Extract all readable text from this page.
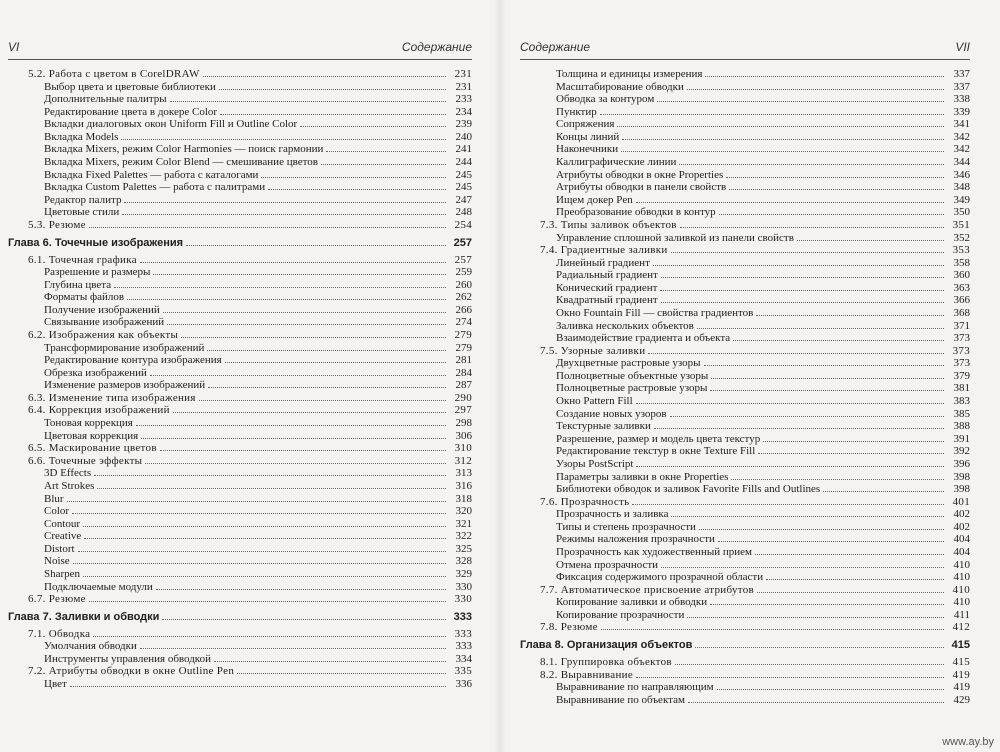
VI	Содержание
5.2. Работа с цветом в CorelDRAW	231
Выбор цвета и цветовые библиотеки	231
Дополнительные палитры	233
Редактирование цвета в докере Color	234
Вкладки диалоговых окон Uniform Fill и Outline Color	239
Вкладка Models	240
Вкладка Mixers, режим Color Harmonies — поиск гармонии	241
Вкладка Mixers, режим Color Blend — смешивание цветов	244
Вкладка Fixed Palettes — работа с каталогами	245
Вкладка Custom Palettes — работа с палитрами	245
Редактор палитр	247
Цветовые стили	248
5.3. Резюме	254
Глава 6. Точечные изображения	257
6.1. Точечная графика	257
Разрешение и размеры	259
Глубина цвета	260
Форматы файлов	262
Получение изображений	266
Связывание изображений	274
6.2. Изображения как объекты	279
Трансформирование изображений	279
Редактирование контура изображения	281
Обрезка изображений	284
Изменение размеров изображений	287
6.3. Изменение типа изображения	290
6.4. Коррекция изображений	297
Тоновая коррекция	298
Цветовая коррекция	306
6.5. Маскирование цветов	310
6.6. Точечные эффекты	312
3D Effects	313
Art Strokes	316
Blur	318
Color	320
Contour	321
Creative	322
Distort	325
Noise	328
Sharpen	329
Подключаемые модули	330
6.7. Резюме	330
Глава 7. Заливки и обводки	333
7.1. Обводка	333
Умолчания обводки	333
Инструменты управления обводкой	334
7.2. Атрибуты обводки в окне Outline Pen	335
Цвет	336
Содержание	VII
Толщина и единицы измерения	337
Масштабирование обводки	337
Обводка за контуром	338
Пунктир	339
Сопряжения	341
Концы линий	342
Наконечники	342
Каллиграфические линии	344
Атрибуты обводки в окне Properties	346
Атрибуты обводки в панели свойств	348
Ищем докер Pen	349
Преобразование обводки в контур	350
7.3. Типы заливок объектов	351
Управление сплошной заливкой из панели свойств	352
7.4. Градиентные заливки	353
Линейный градиент	358
Радиальный градиент	360
Конический градиент	363
Квадратный градиент	366
Окно Fountain Fill — свойства градиентов	368
Заливка нескольких объектов	371
Взаимодействие градиента и объекта	373
7.5. Узорные заливки	373
Двухцветные растровые узоры	373
Полноцветные объектные узоры	379
Полноцветные растровые узоры	381
Окно Pattern Fill	383
Создание новых узоров	385
Текстурные заливки	388
Разрешение, размер и модель цвета текстур	391
Редактирование текстур в окне Texture Fill	392
Узоры PostScript	396
Параметры заливки в окне Properties	398
Библиотеки обводок и заливок Favorite Fills and Outlines	398
7.6. Прозрачность	401
Прозрачность и заливка	402
Типы и степень прозрачности	402
Режимы наложения прозрачности	404
Прозрачность как художественный прием	404
Отмена прозрачности	410
Фиксация содержимого прозрачной области	410
7.7. Автоматическое присвоение атрибутов	410
Копирование заливки и обводки	410
Копирование прозрачности	411
7.8. Резюме	412
Глава 8. Организация объектов	415
8.1. Группировка объектов	415
8.2. Выравнивание	419
Выравнивание по направляющим	419
Выравнивание по объектам	429
www.ay.by
